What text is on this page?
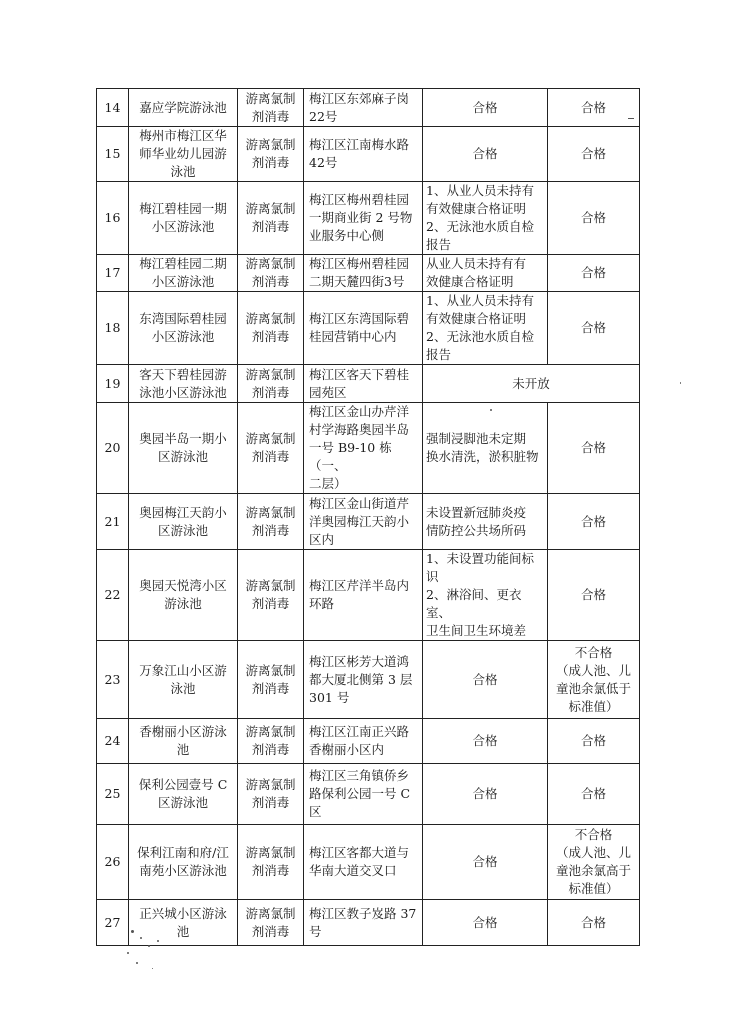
14	嘉应学院游泳池	游离氯制
剂消毒	梅江区东郊麻子岗
22号	合格	合格
15	梅州市梅江区华
师华业幼儿园游
泳池	游离氯制
剂消毒	梅江区江南梅水路
42号	合格	合格
16	梅江碧桂园一期
小区游泳池	游离氯制
剂消毒	梅江区梅州碧桂园
一期商业街 2 号物
业服务中心侧	1、从业人员未持有
有效健康合格证明
2、无泳池水质自检
报告	合格
17	梅江碧桂园二期
小区游泳池	游离氯制
剂消毒	梅江区梅州碧桂园
二期天麓四街3号	从业人员未持有有
效健康合格证明	合格
18	东湾国际碧桂园
小区游泳池	游离氯制
剂消毒	梅江区东湾国际碧
桂园营销中心内	1、从业人员未持有
有效健康合格证明
2、无泳池水质自检
报告	合格
19	客天下碧桂园游
泳池小区游泳池	游离氯制
剂消毒	梅江区客天下碧桂
园苑区	未开放	
20	奥园半岛一期小
区游泳池	游离氯制
剂消毒	梅江区金山办芹洋
村学海路奥园半岛
一号 B9-10 栋（一、
二层）	强制浸脚池未定期
换水清洗，淤积脏物	合格
21	奥园梅江天韵小
区游泳池	游离氯制
剂消毒	梅江区金山街道芹
洋奥园梅江天韵小
区内	未设置新冠肺炎疫
情防控公共场所码	合格
22	奥园天悦湾小区
游泳池	游离氯制
剂消毒	梅江区芹洋半岛内
环路	1、未设置功能间标
识
2、淋浴间、更衣室、
卫生间卫生环境差	合格
23	万象江山小区游
泳池	游离氯制
剂消毒	梅江区彬芳大道鸿
都大厦北侧第 3 层
301 号	合格	不合格
（成人池、儿
童池余氯低于
标准值）
24	香榭丽小区游泳
池	游离氯制
剂消毒	梅江区江南正兴路
香榭丽小区内	合格	合格
25	保利公园壹号 C
区游泳池	游离氯制
剂消毒	梅江区三角镇侨乡
路保利公园一号 C
区	合格	合格
26	保利江南和府/江
南苑小区游泳池	游离氯制
剂消毒	梅江区客都大道与
华南大道交叉口	合格	不合格
（成人池、儿
童池余氯高于
标准值）
27	正兴城小区游泳
池	游离氯制
剂消毒	梅江区教子岌路 37
号	合格	合格
